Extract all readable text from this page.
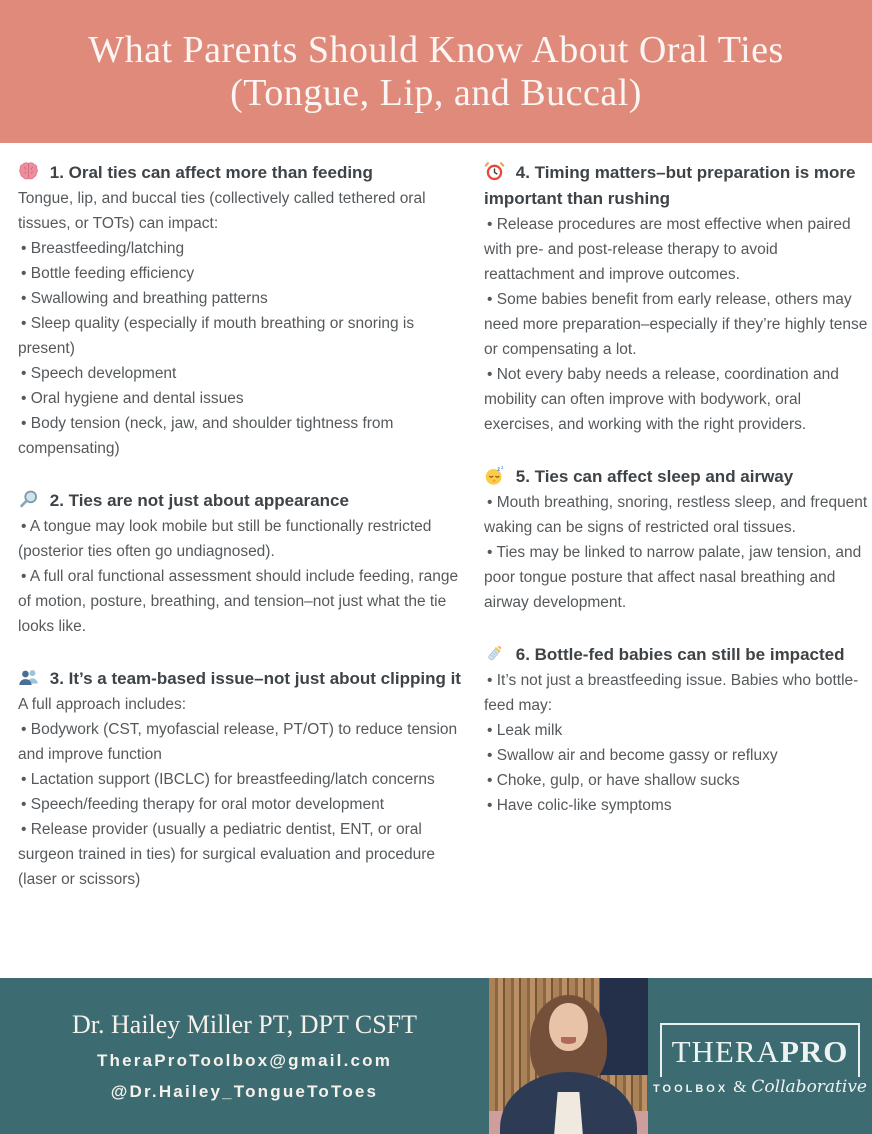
What Parents Should Know About Oral Ties
(Tongue, Lip, and Buccal)
1. Oral ties can affect more than feeding

Tongue, lip, and buccal ties (collectively called tethered oral tissues, or TOTs) can impact:

• Breastfeeding/latching
• Bottle feeding efficiency
• Swallowing and breathing patterns
• Sleep quality (especially if mouth breathing or snoring is present)
• Speech development
• Oral hygiene and dental issues
• Body tension (neck, jaw, and shoulder tightness from compensating)
2. Ties are not just about appearance
• A tongue may look mobile but still be functionally restricted (posterior ties often go undiagnosed).
• A full oral functional assessment should include feeding, range of motion, posture, breathing, and tension–not just what the tie looks like.
3. It’s a team-based issue–not just about clipping it

A full approach includes:

• Bodywork (CST, myofascial release, PT/OT) to reduce tension and improve function
• Lactation support (IBCLC) for breastfeeding/latch concerns
• Speech/feeding therapy for oral motor development
• Release provider (usually a pediatric dentist, ENT, or oral surgeon trained in ties) for surgical evaluation and procedure (laser or scissors)
4. Timing matters–but preparation is more important than rushing
• Release procedures are most effective when paired with pre- and post-release therapy to avoid reattachment and improve outcomes.
• Some babies benefit from early release, others may need more preparation–especially if they’re highly tense or compensating a lot.
• Not every baby needs a release, coordination and mobility can often improve with bodywork, oral exercises, and working with the right providers.
z z 5. Ties can affect sleep and airway
• Mouth breathing, snoring, restless sleep, and frequent waking can be signs of restricted oral tissues.
• Ties may be linked to narrow palate, jaw tension, and poor tongue posture that affect nasal breathing and airway development.
6. Bottle-fed babies can still be impacted
• It’s not just a breastfeeding issue. Babies who bottle-feed may:
• Leak milk
• Swallow air and become gassy or refluxy
• Choke, gulp, or have shallow sucks
• Have colic-like symptoms
Dr. Hailey Miller PT, DPT CSFT
TheraProToolbox@gmail.com
@Dr.Hailey_TongueToToes
THERAPRO
TOOLBOX & Collaborative
